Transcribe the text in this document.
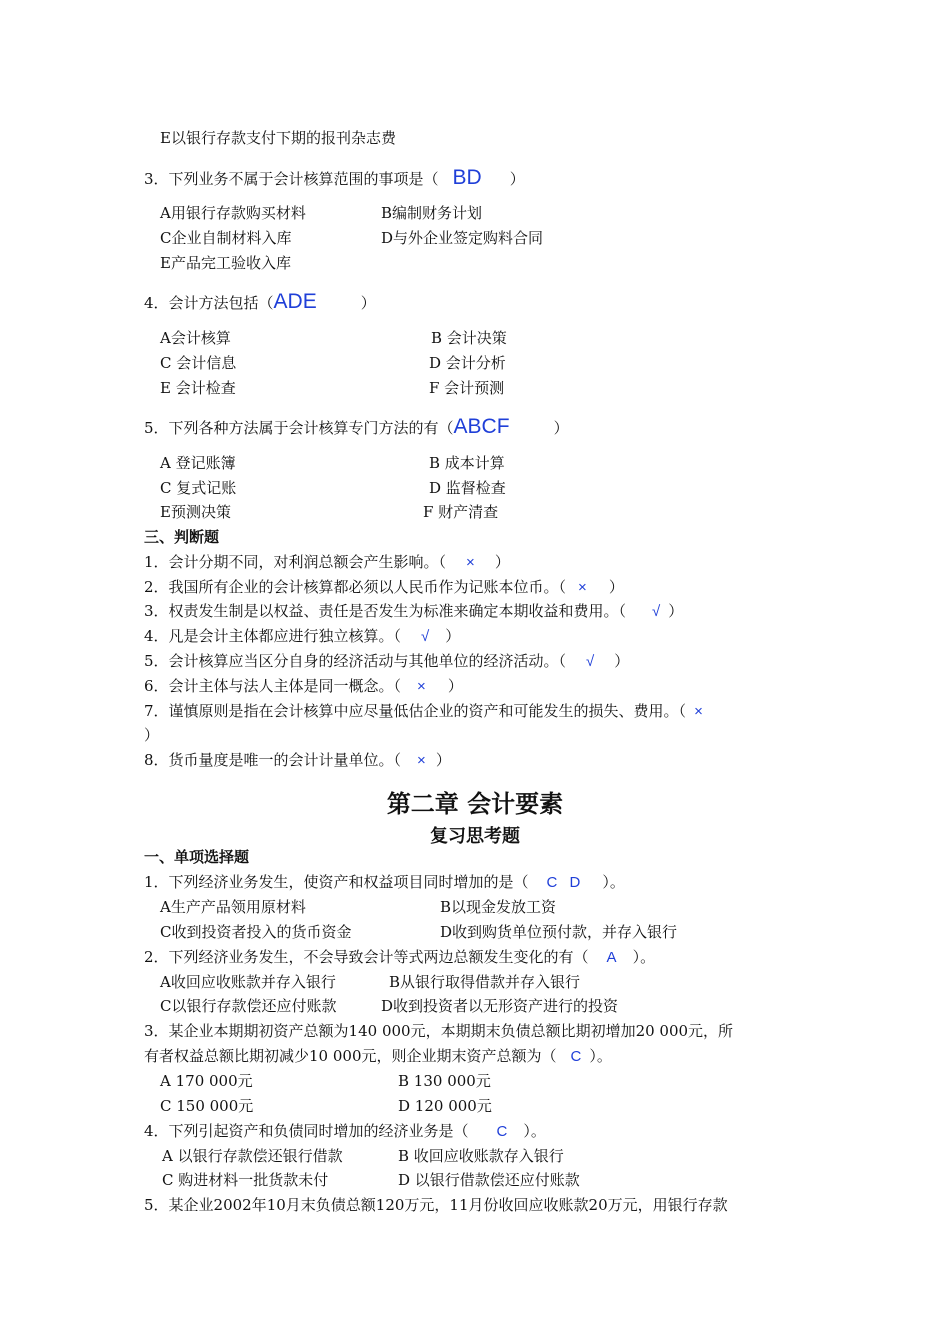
E以银行存款支付下期的报刊杂志费
3．下列业务不属于会计核算范围的事项是（ BD ）
A用银行存款购买材料	B编制财务计划
C企业自制材料入库	D与外企业签定购料合同
E产品完工验收入库
4．会计方法包括（ADE	）
A会计核算	B 会计决策
C 会计信息	D 会计分析
E 会计检查	F 会计预测
5．下列各种方法属于会计核算专门方法的有（ABCF	）
A 登记账簿	B 成本计算
C 复式记账	D 监督检查
E预测决策	F 财产清查
三、判断题
1．会计分期不同，对利润总额会产生影响。（ × ）
2．我国所有企业的会计核算都必须以人民币作为记账本位币。（ × ）
3．权责发生制是以权益、责任是否发生为标准来确定本期收益和费用。（ √ ）
4．凡是会计主体都应进行独立核算。（ √ ）
5．会计核算应当区分自身的经济活动与其他单位的经济活动。（ √ ）
6．会计主体与法人主体是同一概念。（ × ）
7．谨慎原则是指在会计核算中应尽量低估企业的资产和可能发生的损失、费用。（ ×
）
8．货币量度是唯一的会计计量单位。（ × ）
第二章 会计要素
复习思考题
一、单项选择题
1．下列经济业务发生，使资产和权益项目同时增加的是（ C D ）。
A生产产品领用原材料	B以现金发放工资
C收到投资者投入的货币资金	D收到购货单位预付款，并存入银行
2．下列经济业务发生，不会导致会计等式两边总额发生变化的有（ A ）。
A收回应收账款并存入银行	B从银行取得借款并存入银行
C以银行存款偿还应付账款	D收到投资者以无形资产进行的投资
3．某企业本期期初资产总额为140 000元，本期期末负债总额比期初增加20 000元，所
有者权益总额比期初减少10 000元，则企业期末资产总额为（ C ）。
A 170 000元	B 130 000元
C 150 000元	D 120 000元
4．下列引起资产和负债同时增加的经济业务是（ C ）。
A 以银行存款偿还银行借款	B 收回应收账款存入银行
C 购进材料一批货款未付	D 以银行借款偿还应付账款
5．某企业2002年10月末负债总额120万元，11月份收回应收账款20万元，用银行存款
